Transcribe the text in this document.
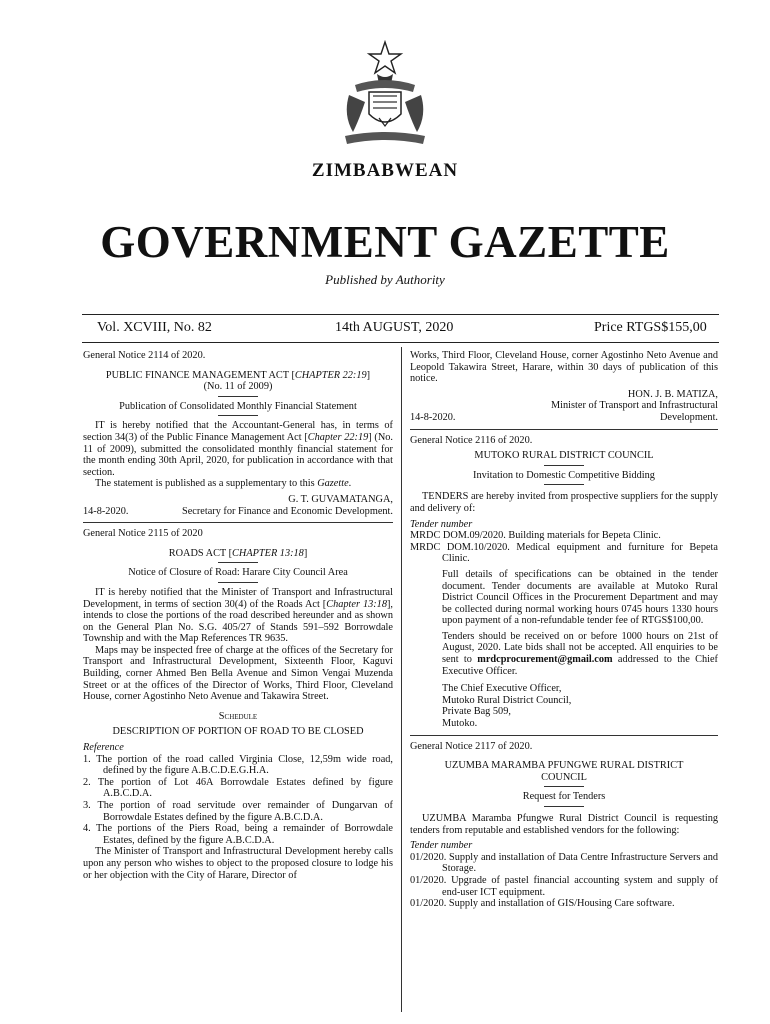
ZIMBABWEAN
GOVERNMENT GAZETTE
Published by Authority
Vol. XCVIII, No. 82	14th AUGUST, 2020	Price RTGS$155,00

General Notice 2114 of 2020.

PUBLIC FINANCE MANAGEMENT ACT [CHAPTER 22:19]

(No. 11 of 2009)

Publication of Consolidated Monthly Financial Statement

IT is hereby notified that the Accountant-General has, in terms of section 34(3) of the Public Finance Management Act [Chapter 22:19] (No. 11 of 2009), submitted the consolidated monthly financial statement for the month ending 30th April, 2020, for publication in accordance with that section.

The statement is published as a supplementary to this Gazette.

G. T. GUVAMATANGA,

14-8-2020.	Secretary for Finance and Economic Development.

General Notice 2115 of 2020

ROADS ACT [CHAPTER 13:18]

Notice of Closure of Road: Harare City Council Area

IT is hereby notified that the Minister of Transport and Infrastructural Development, in terms of section 30(4) of the Roads Act [Chapter 13:18], intends to close the portions of the road described hereunder and as shown on the General Plan No. S.G. 405/27 of Stands 591–592 Borrowdale Township and with the Map References TR 9635.

Maps may be inspected free of charge at the offices of the Secretary for Transport and Infrastructural Development, Sixteenth Floor, Kaguvi Building, corner Ahmed Ben Bella Avenue and Simon Vengai Muzenda Street or at the offices of the Director of Works, Third Floor, Cleveland House, corner Agostinho Neto Avenue and Takawira Street.

Schedule

DESCRIPTION OF PORTION OF ROAD TO BE CLOSED

Reference

1. The portion of the road called Virginia Close, 12,59m wide road, defined by the figure A.B.C.D.E.G.H.A.

2. The portion of Lot 46A Borrowdale Estates defined by figure A.B.C.D.A.

3. The portion of road servitude over remainder of Dungarvan of Borrowdale Estates defined by the figure A.B.C.D.A.

4. The portions of the Piers Road, being a remainder of Borrowdale Estates, defined by the figure A.B.C.D.A.

The Minister of Transport and Infrastructural Development hereby calls upon any person who wishes to object to the proposed closure to lodge his or her objection with the City of Harare, Director of

Works, Third Floor, Cleveland House, corner Agostinho Neto Avenue and Leopold Takawira Street, Harare, within 30 days of publication of this notice.

HON. J. B. MATIZA,

Minister of Transport and Infrastructural

14-8-2020.	Development.

General Notice 2116 of 2020.

MUTOKO RURAL DISTRICT COUNCIL

Invitation to Domestic Competitive Bidding

TENDERS are hereby invited from prospective suppliers for the supply and delivery of:

Tender number

MRDC DOM.09/2020. Building materials for Bepeta Clinic.

MRDC DOM.10/2020. Medical equipment and furniture for Bepeta Clinic.

Full details of specifications can be obtained in the tender document. Tender documents are available at Mutoko Rural District Council Offices in the Procurement Department and may be collected during normal working hours 0745 hours 1330 hours upon payment of a non-refundable tender fee of RTGS$100,00.

Tenders should be received on or before 1000 hours on 21st of August, 2020. Late bids shall not be accepted. All enquiries to be sent to mrdcprocurement@gmail.com addressed to the Chief Executive Officer.

The Chief Executive Officer,

Mutoko Rural District Council,

Private Bag 509,

Mutoko.

General Notice 2117 of 2020.

UZUMBA MARAMBA PFUNGWE RURAL DISTRICT COUNCIL

Request for Tenders

UZUMBA Maramba Pfungwe Rural District Council is requesting tenders from reputable and established vendors for the following:

Tender number

01/2020. Supply and installation of Data Centre Infrastructure Servers and Storage.

01/2020. Upgrade of pastel financial accounting system and supply of end-user ICT equipment.

01/2020. Supply and installation of GIS/Housing Care software.
